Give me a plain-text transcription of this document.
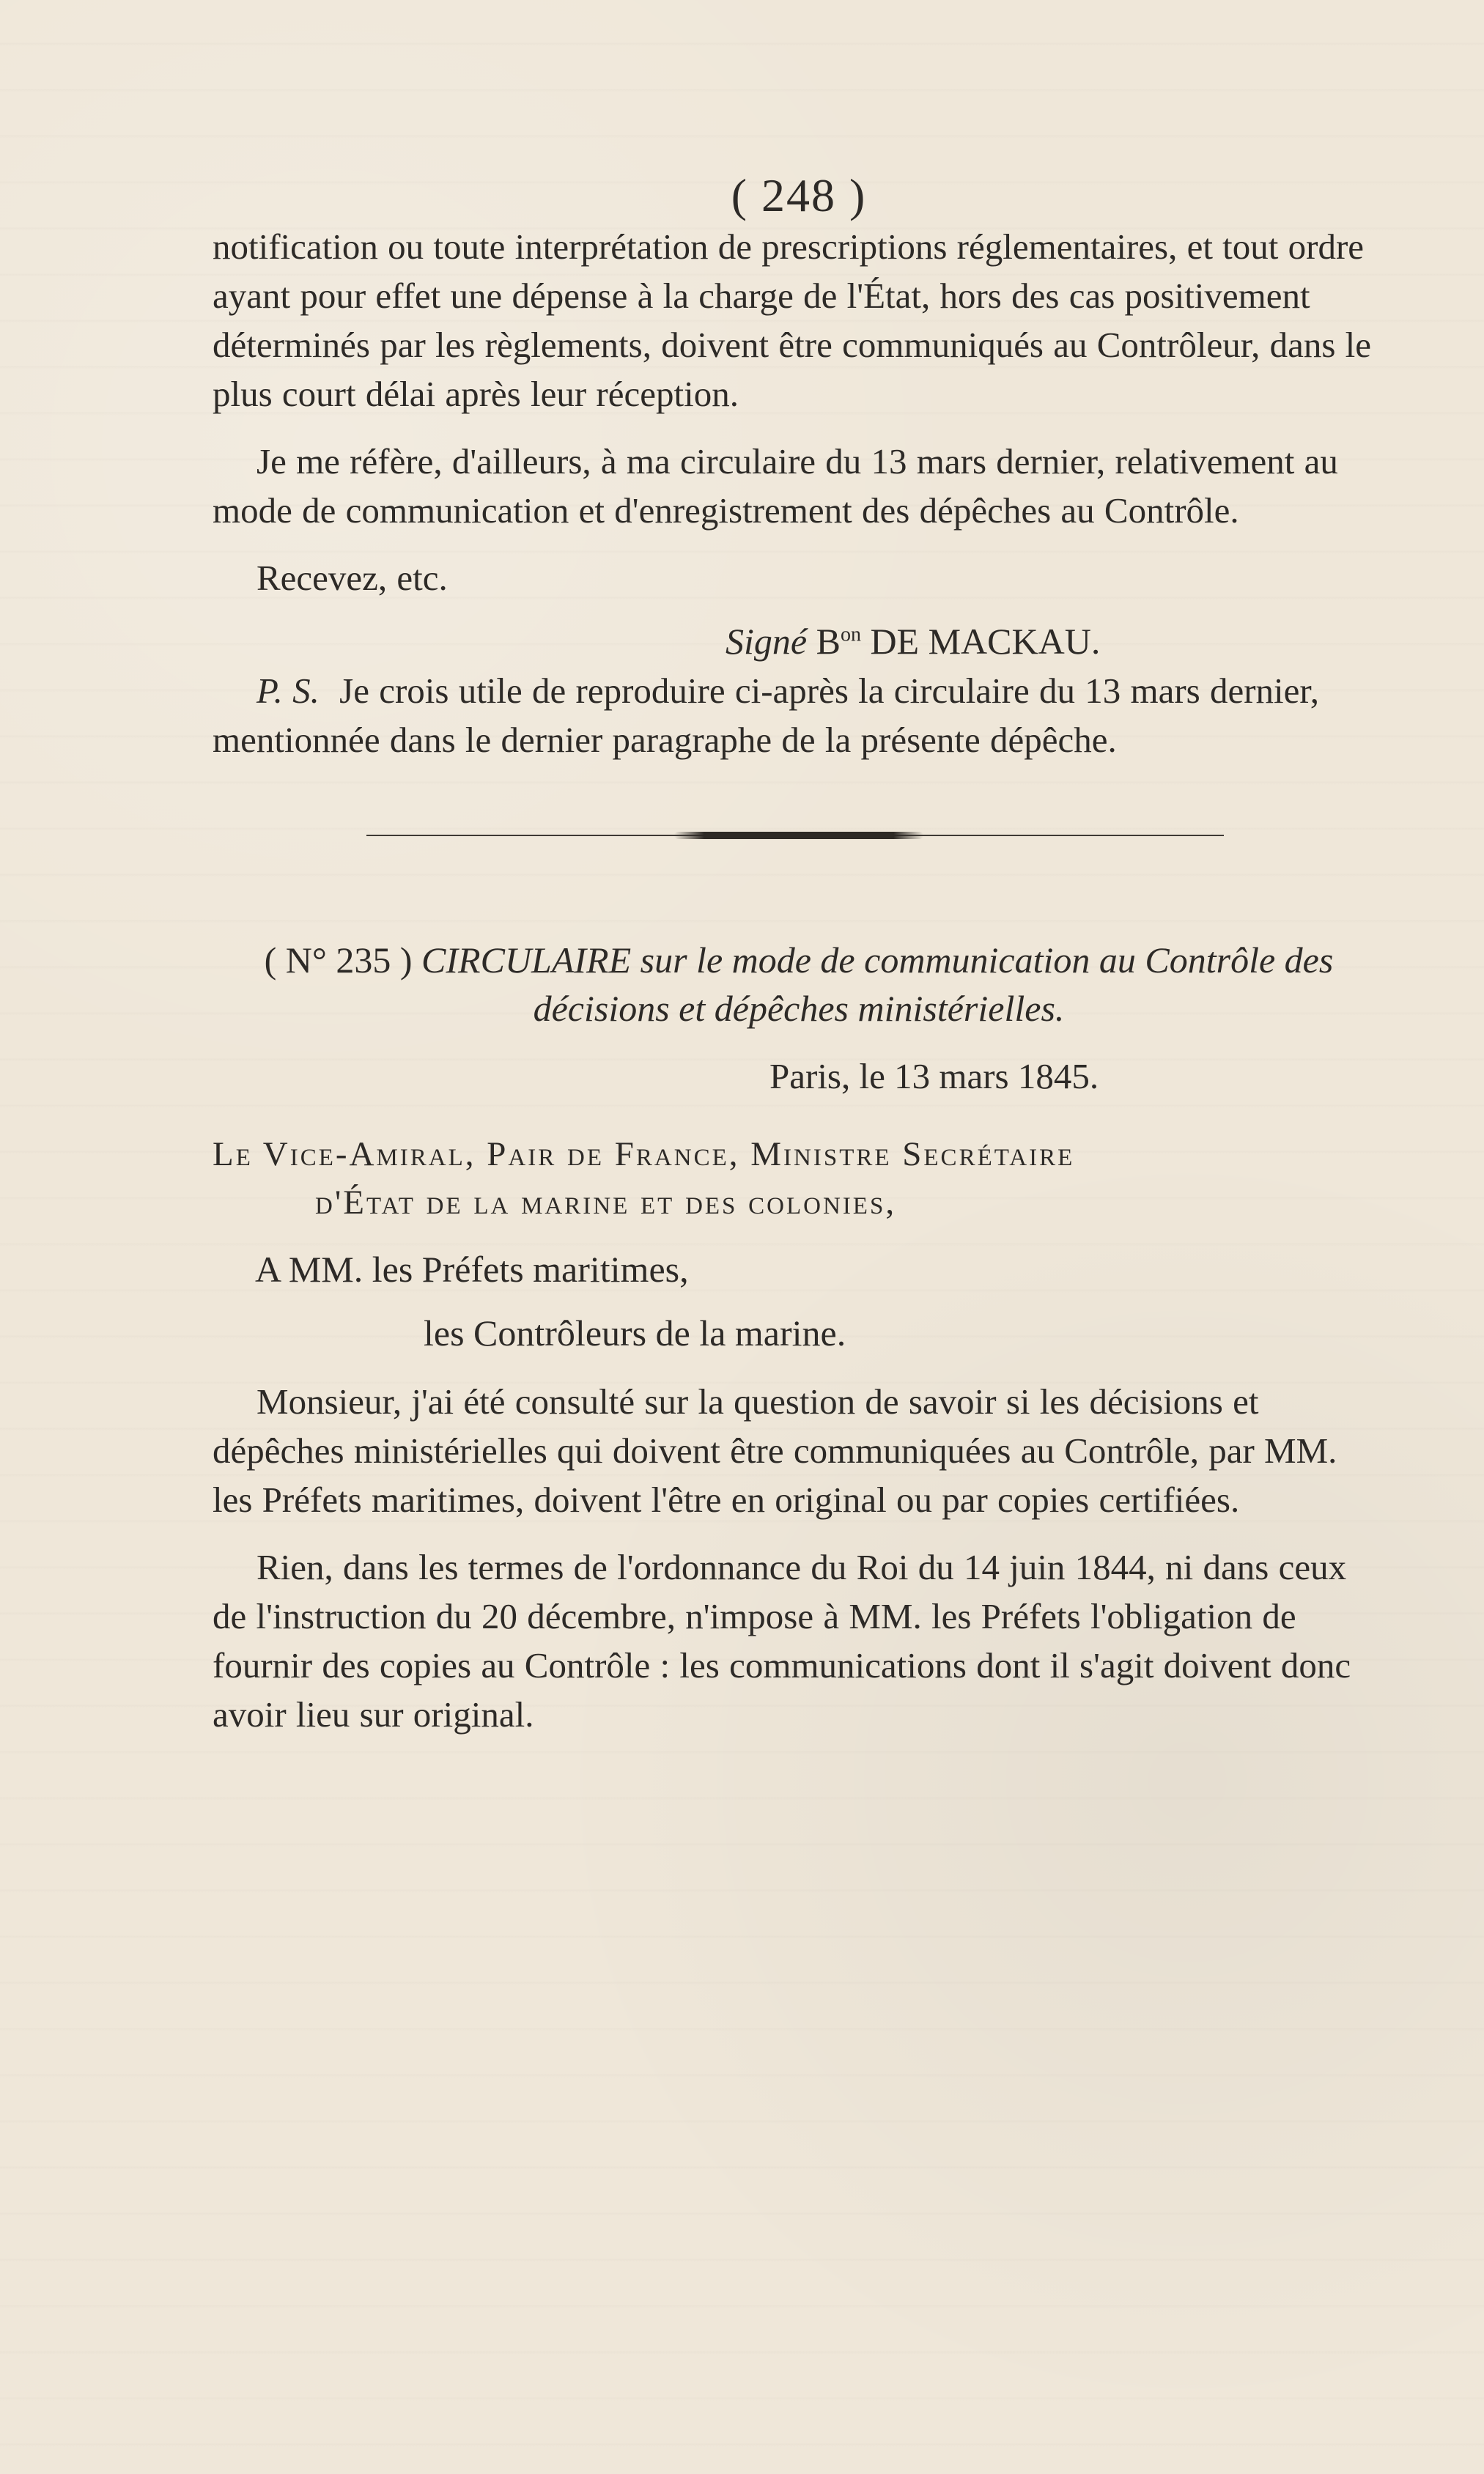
( 248 )

notification ou toute interprétation de prescriptions réglementaires, et tout ordre ayant pour effet une dépense à la charge de l'État, hors des cas positivement déterminés par les règlements, doivent être communiqués au Contrôleur, dans le plus court délai après leur réception.

Je me réfère, d'ailleurs, à ma circulaire du 13 mars dernier, relativement au mode de communication et d'enregistrement des dépêches au Contrôle.

Recevez, etc.

Signé $B^{on}$ DE MACKAU.

P. S. Je crois utile de reproduire ci-après la circulaire du 13 mars dernier, mentionnée dans le dernier paragraphe de la présente dépêche.

( N° 235 ) CIRCULAIRE sur le mode de communication au Contrôle des décisions et dépêches ministérielles.
Paris, le 13 mars 1845.
Le Vice-Amiral, Pair de France, Ministre Secrétaire
d'État de la marine et des colonies,
A MM. les Préfets maritimes,
les Contrôleurs de la marine.

Monsieur, j'ai été consulté sur la question de savoir si les décisions et dépêches ministérielles qui doivent être communiquées au Contrôle, par MM. les Préfets maritimes, doivent l'être en original ou par copies certifiées.

Rien, dans les termes de l'ordonnance du Roi du 14 juin 1844, ni dans ceux de l'instruction du 20 décembre, n'impose à MM. les Préfets l'obligation de fournir des copies au Contrôle : les communications dont il s'agit doivent donc avoir lieu sur original.
